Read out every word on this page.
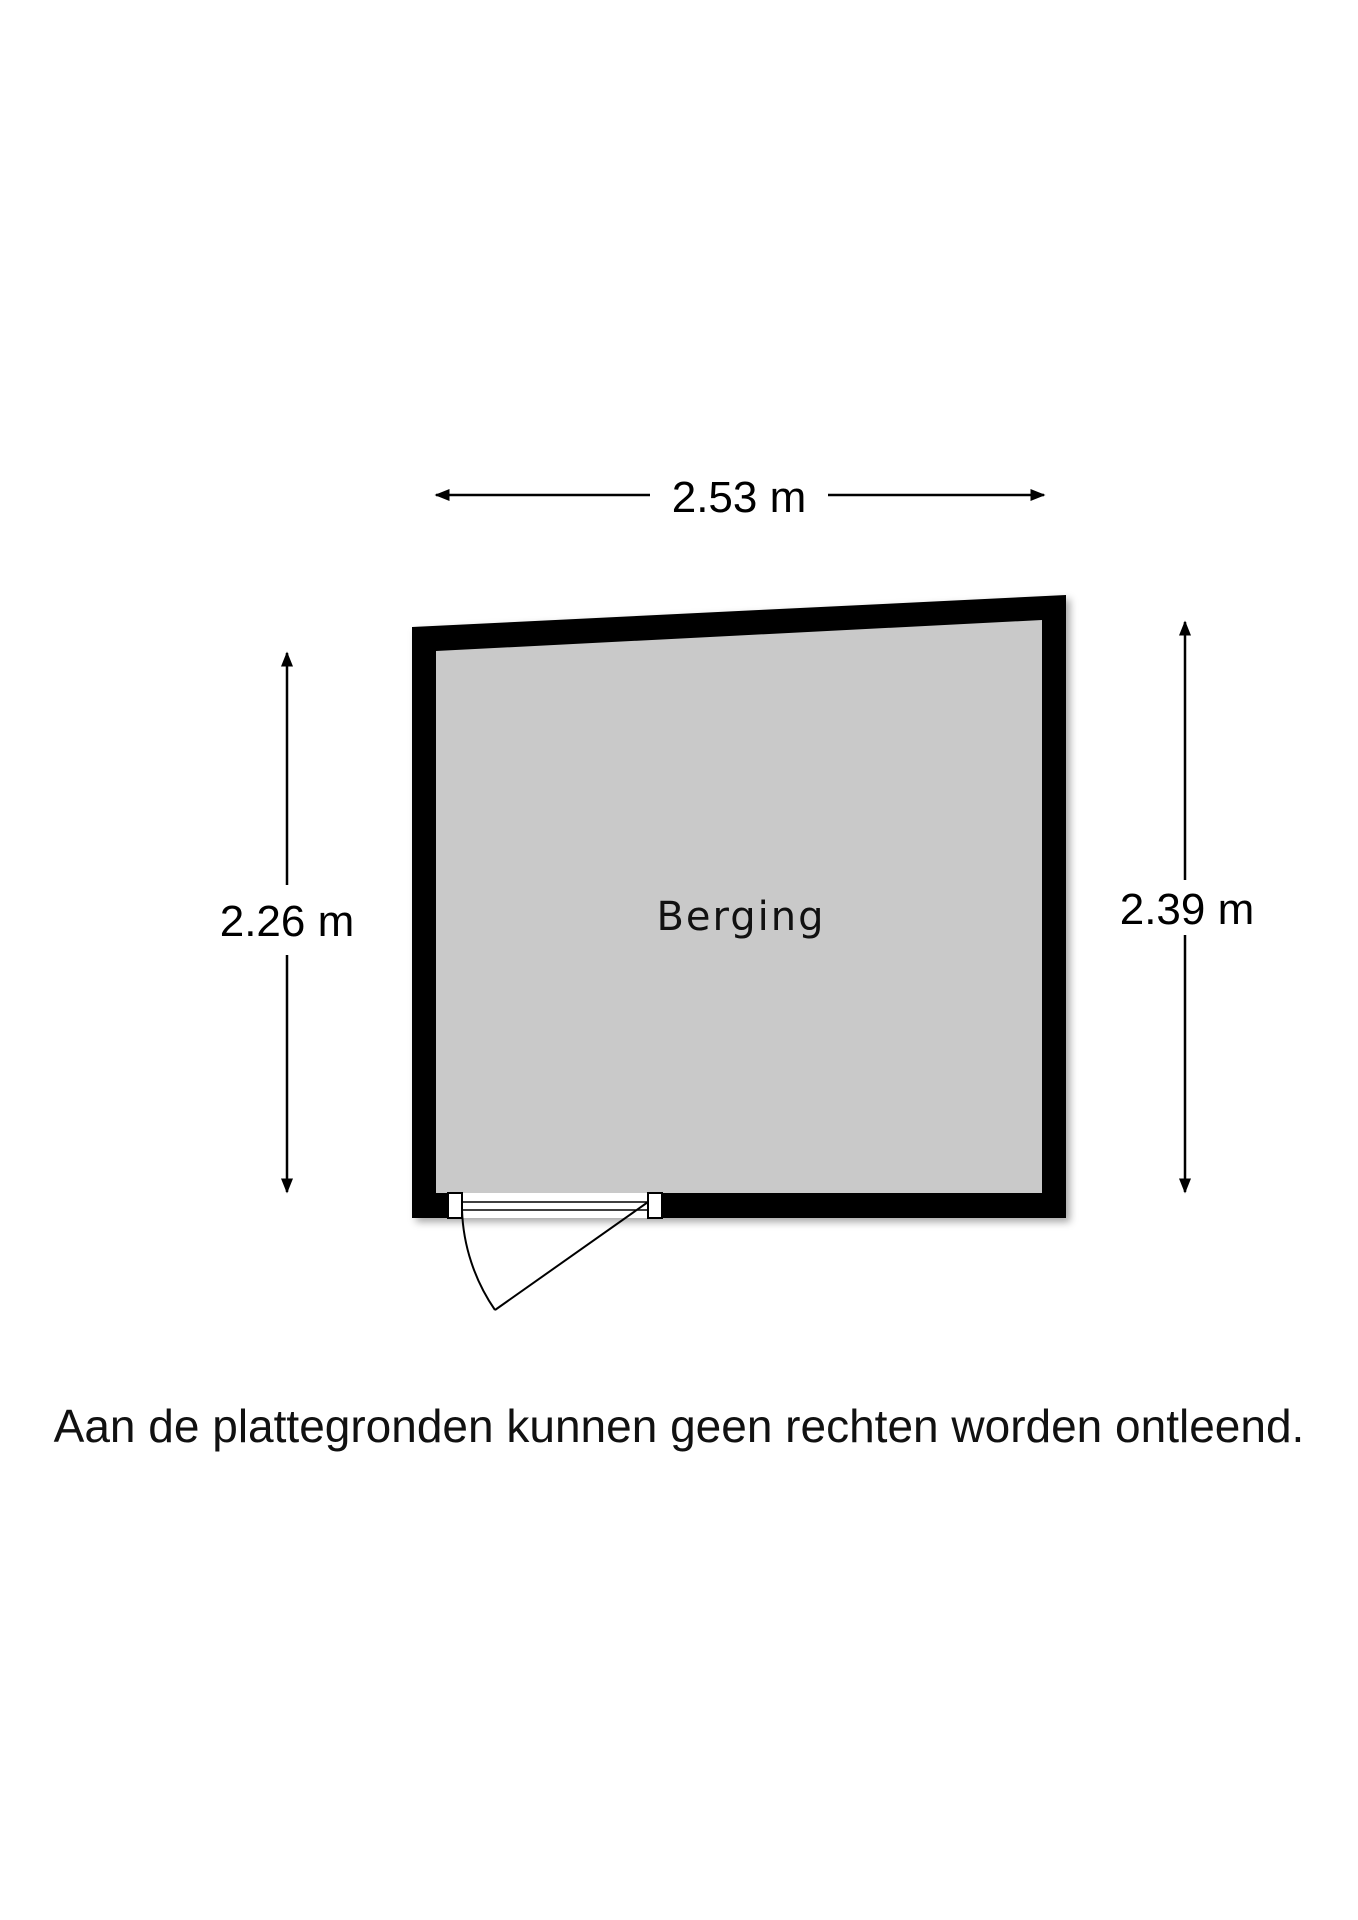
2.53 m
2.26 m	2.39 m
Berging
Aan de plattegronden kunnen geen rechten worden ontleend.
